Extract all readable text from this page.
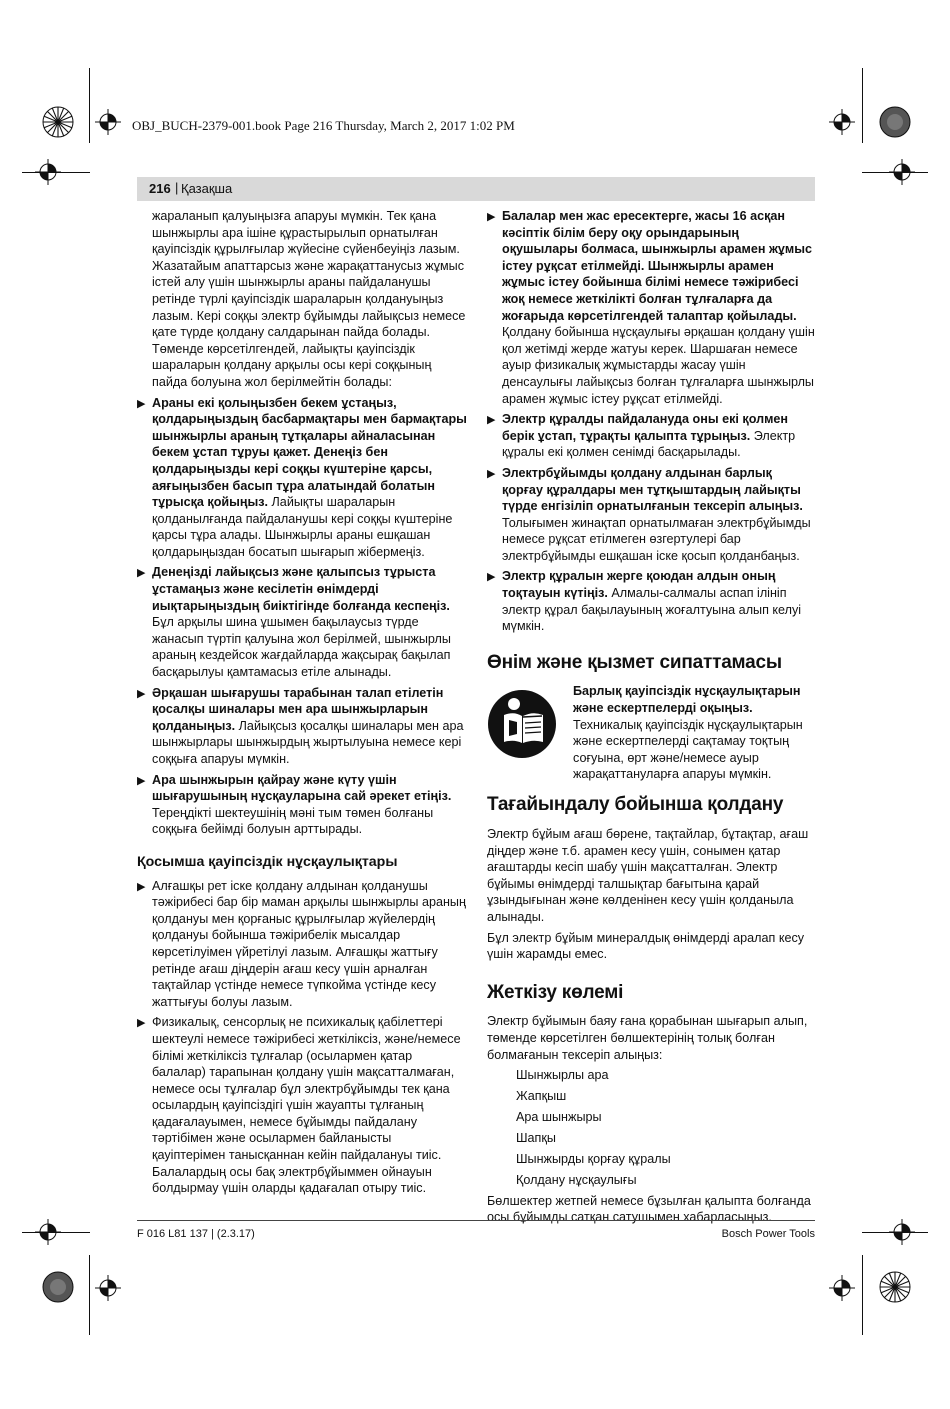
OBJ_BUCH-2379-001.book Page 216 Thursday, March 2, 2017 1:02 PM
216 | Қазақша

жараланып қалуыңызға апаруы мүмкін. Тек қана шынжырлы ара ішіне құрастырылып орнатылған қауіпсіздік құрылғылар жүйесіне сүйенбеуіңіз лазым. Жазатайым апаттарсыз және жарақаттанусыз жұмыс істей алу үшін шынжырлы араны пайдаланушы ретінде түрлі қауіпсіздік шараларын қолдануыңыз лазым. Кері соққы электр бұйымды лайықсыз немесе қате түрде қолдану салдарынан пайда болады. Төменде көрсетілгендей, лайықты қауіпсіздік шараларын қолдану арқылы осы кері соққының пайда болуына жол берілмейтін болады:

▶ Араны екі қолыңызбен бекем ұстаңыз, қолдарыңыздың басбармақтары мен бармақтары шынжырлы араның тұтқалары айналасынан бекем ұстап тұруы қажет. Денеңіз бен қолдарыңызды кері соққы күштеріне қарсы, аяғыңызбен басып тұра алатындай болатын тұрысқа қойыңыз. Лайықты шараларын қолданылғанда пайдаланушы кері соққы күштеріне қарсы тұра алады. Шынжырлы араны ешқашан қолдарыңыздан босатып шығарып жібермеңіз.
▶ Денеңізді лайықсыз және қалыпсыз тұрыста ұстамаңыз және кесілетін өнімдерді иықтарыңыздың биіктігінде болғанда кеспеңіз. Бұл арқылы шина ұшымен бақылаусыз түрде жанасып түртіп қалуына жол берілмей, шынжырлы араның кездейсок жағдайларда жақсырақ бақылап басқарылуы қамтамасыз етіле алынады.
▶ Әрқашан шығарушы тарабынан талап етілетін қосалқы шиналары мен ара шынжырларын қолданыңыз. Лайықсыз қосалқы шиналары мен ара шынжырлары шынжырдың жыртылуына немесе кері соққыға апаруы мүмкін.
▶ Ара шынжырын қайрау және күту үшін шығарушының нұсқауларына сай әрекет етіңіз. Тереңдікті шектеушінің мәні тым төмен болғаны соққыға бейімді болуын арттырады.
Қосымша қауіпсіздік нұсқаулықтары
▶ Алғашқы рет іске қолдану алдынан қолданушы тәжірибесі бар бір маман арқылы шынжырлы араның қолдануы мен қорғаныс құрылғылар жүйелердің қолдануы бойынша тәжірибелік мысалдар көрсетілуімен үйретілуі лазым. Алғашқы жаттығу ретінде ағаш діңдерін ағаш кесу үшін арналған тақтайлар үстінде немесе түпкойма үстінде кесу жаттығуы болуы лазым.
▶ Физикалық, сенсорлық не психикалық қабілеттері шектеулі немесе тәжірибесі жеткіліксіз, және/немесе білімі жеткіліксіз тұлғалар (осылармен қатар балалар) тарапынан қолдану үшін мақсатталмаған, немесе осы тұлғалар бұл электрбұйымды тек қана осылардың қауіпсіздігі үшін жауапты тұлғаның қадағалауымен, немесе бұйымды пайдалану тәртібімен және осылармен байланысты қауіптерімен танысқаннан кейін пайдалануы тиіс.
Балалардың осы бақ электрбұйыммен ойнауын болдырмау үшін оларды қадағалап отыру тиіс.
▶ Балалар мен жас ересектерге, жасы 16 асқан кәсіптік білім беру оқу орындарының оқушылары болмаса, шынжырлы арамен жұмыс істеу рұқсат етілмейді. Шынжырлы арамен жұмыс істеу бойынша білімі немесе тәжірибесі жоқ немесе жеткілікті болған тұлғаларға да жоғарыда көрсетілгендей талаптар қойылады. Қолдану бойынша нұсқаулығы әрқашан қолдану үшін қол жетімді жерде жатуы керек. Шаршаған немесе ауыр физикалық жұмыстарды жасау үшін денсаулығы лайықсыз болған тұлғаларға шынжырлы арамен жұмыс істеу рұқсат етілмейді.
▶ Электр құралды пайдалануда оны екі қолмен берік ұстап, тұрақты қалыпта тұрыңыз. Электр құралы екі қолмен сенімді басқарылады.
▶ Электрбұйымды қолдану алдынан барлық қорғау құралдары мен тұтқыштардың лайықты түрде енгізіліп орнатылғанын тексеріп алыңыз. Толығымен жинақтап орнатылмаған электрбұйымды немесе рұқсат етілмеген өзгертулері бар электрбұйымды ешқашан іске қосып қолданбаңыз.
▶ Электр құралын жерге қоюдан алдын оның тоқтауын күтіңіз. Алмалы-салмалы аспап ілініп электр құрал бақылауының жоғалтуына алып келуі мүмкін.
Өнім және қызмет сипаттамасы
Барлық қауіпсіздік нұсқаулықтарын және ескертпелерді оқыңыз.
Техникалық қауіпсіздік нұсқаулықтарын және ескертпелерді сақтамау тоқтың соғуына, өрт және/немесе ауыр жарақаттануларға апаруы мүмкін.
Тағайындалу бойынша қолдану

Электр бұйым ағаш бөрене, тақтайлар, бұтақтар, ағаш діңдер және т.б. арамен кесу үшін, сонымен қатар ағаштарды кесіп шабу үшін мақсатталған. Электр бұйымы өнімдерді талшықтар бағытына қарай ұзындығынан және көлденінен кесу үшін қолданыла алынады.

Бұл электр бұйым минералдық өнімдерді аралап кесу үшін жарамды емес.

Жеткізу көлемі

Электр бұйымын баяу ғана қорабынан шығарып алып, төменде көрсетілген бөлшектерінің толық болған болмағанын тексеріп алыңыз:

Шынжырлы ара
Жапқыш
Ара шынжыры
Шапқы
Шынжырды қорғау құралы
Қолдану нұсқаулығы

Бөлшектер жетпей немесе бұзылған қалыпта болғанда осы бұйымды сатқан сатушымен хабарласыңыз.

F 016 L81 137 | (2.3.17)	Bosch Power Tools
